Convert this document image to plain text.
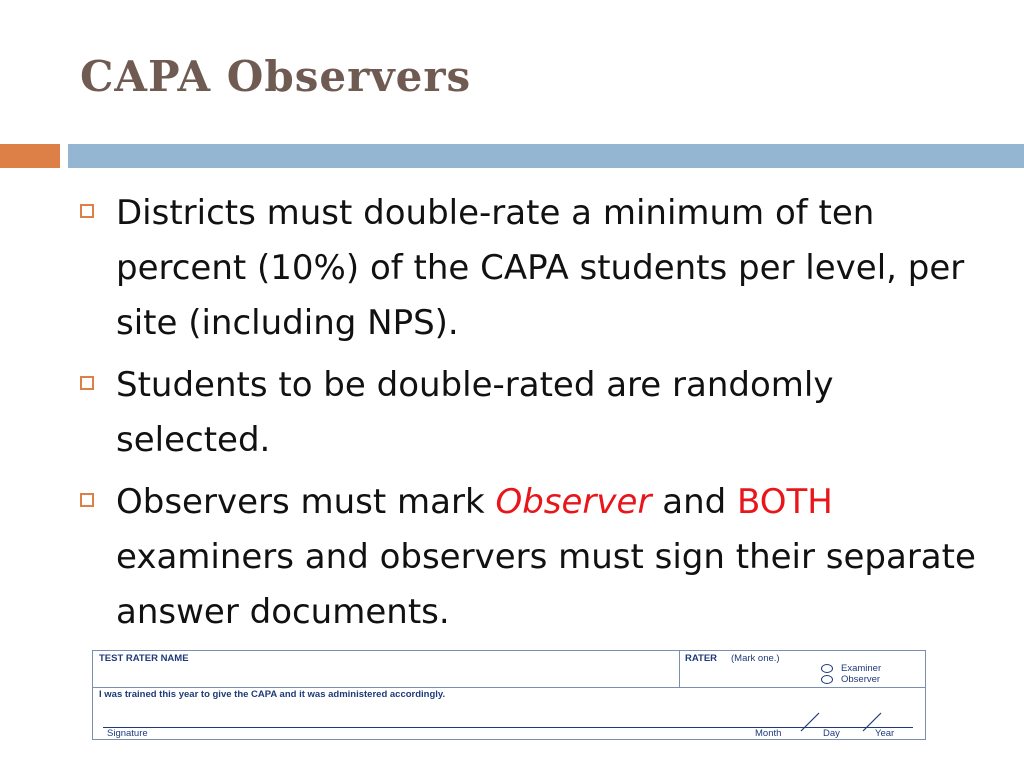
CAPA Observers
Districts must double-rate a minimum of ten percent (10%) of the CAPA students per level, per site (including NPS).
Students to be double-rated are randomly selected.
Observers must mark Observer and BOTH examiners and observers must sign their separate answer documents.
TEST RATER NAME	RATER (Mark one.)
Examiner
Observer
I was trained this year to give the CAPA and it was administered accordingly.
Signature	Month	Day	Year
